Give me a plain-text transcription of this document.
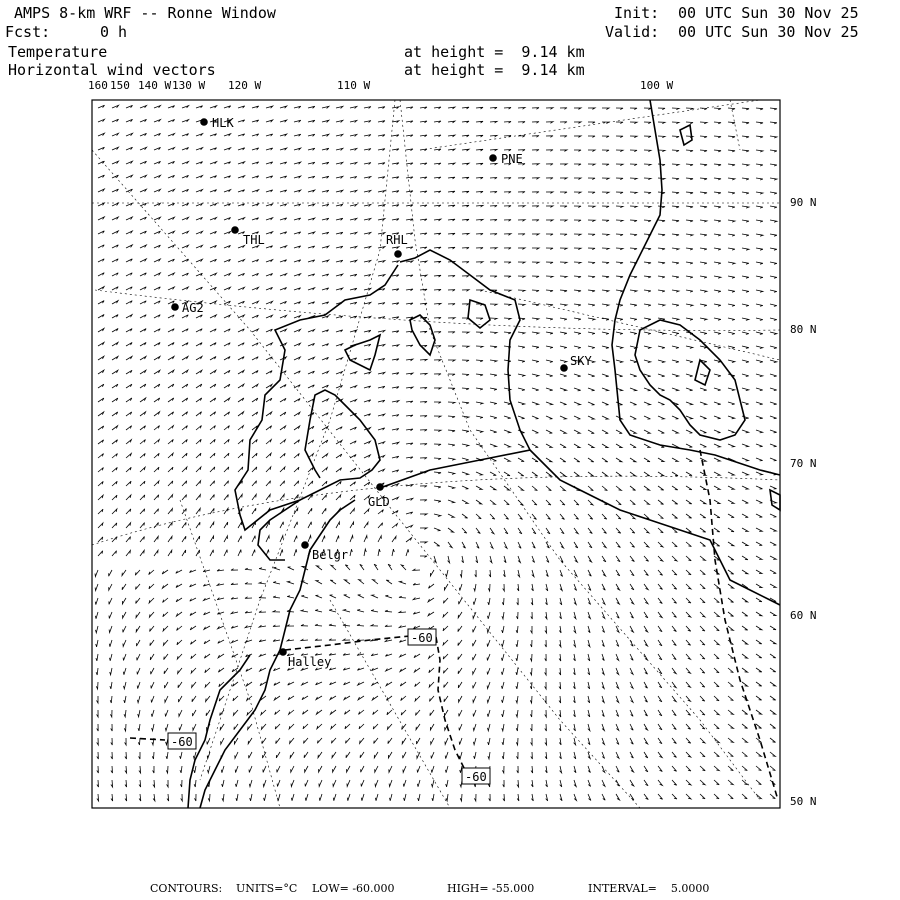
AMPS 8-km WRF -- Ronne Window
Fcst:	0 h
Init: 00 UTC Sun 30 Nov 25
Valid: 00 UTC Sun 30 Nov 25
Temperature	at height =  9.14 km
Horizontal wind vectors	at height =  9.14 km
160 150 140 W 130 W 120 W	110 W	100 W
90 N
80 N
70 N
60 N
50 N
HLK
PNE
THL	RHL
AG2
SKY
GLD
Belgr
Halley
-60
-60
-60
CONTOURS: UNITS=°C LOW= -60.000	HIGH= -55.000	INTERVAL=    5.0000
